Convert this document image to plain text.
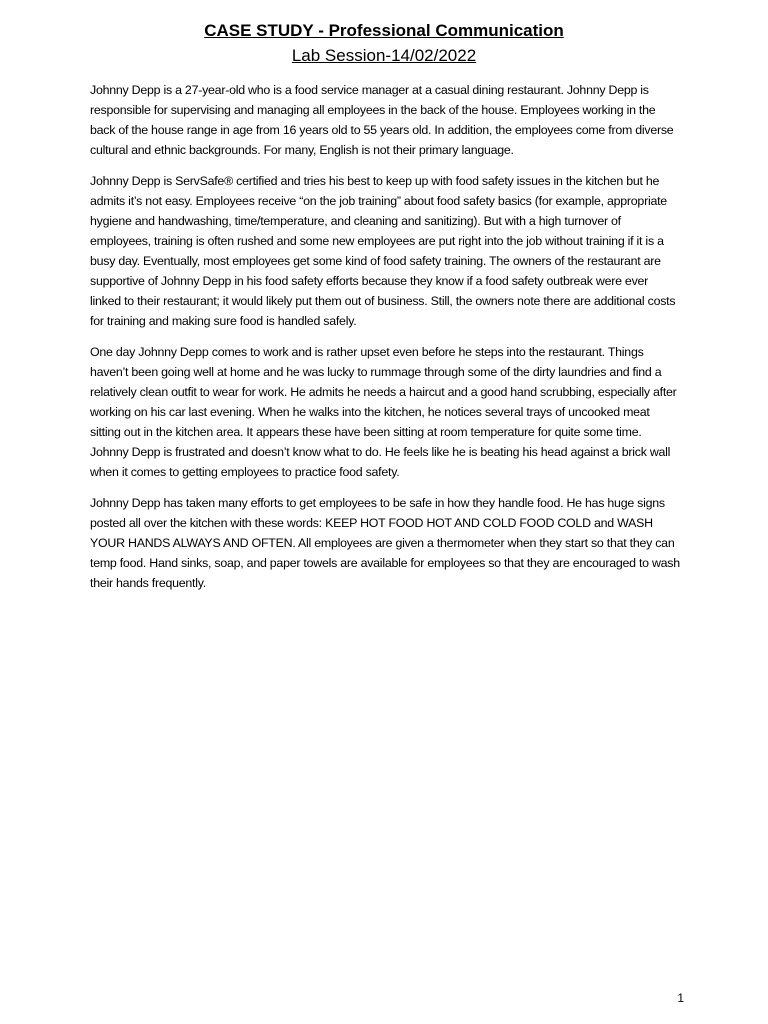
CASE STUDY - Professional Communication
Lab Session-14/02/2022

Johnny Depp is a 27-year-old who is a food service manager at a casual dining restaurant. Johnny Depp is responsible for supervising and managing all employees in the back of the house. Employees working in the back of the house range in age from 16 years old to 55 years old. In addition, the employees come from diverse cultural and ethnic backgrounds. For many, English is not their primary language.

Johnny Depp is ServSafe® certified and tries his best to keep up with food safety issues in the kitchen but he admits it’s not easy. Employees receive “on the job training” about food safety basics (for example, appropriate hygiene and handwashing, time/temperature, and cleaning and sanitizing). But with a high turnover of employees, training is often rushed and some new employees are put right into the job without training if it is a busy day. Eventually, most employees get some kind of food safety training. The owners of the restaurant are supportive of Johnny Depp in his food safety efforts because they know if a food safety outbreak were ever linked to their restaurant; it would likely put them out of business. Still, the owners note there are additional costs for training and making sure food is handled safely.

One day Johnny Depp comes to work and is rather upset even before he steps into the restaurant. Things haven’t been going well at home and he was lucky to rummage through some of the dirty laundries and find a relatively clean outfit to wear for work. He admits he needs a haircut and a good hand scrubbing, especially after working on his car last evening. When he walks into the kitchen, he notices several trays of uncooked meat sitting out in the kitchen area. It appears these have been sitting at room temperature for quite some time. Johnny Depp is frustrated and doesn’t know what to do. He feels like he is beating his head against a brick wall when it comes to getting employees to practice food safety.

Johnny Depp has taken many efforts to get employees to be safe in how they handle food. He has huge signs posted all over the kitchen with these words: KEEP HOT FOOD HOT AND COLD FOOD COLD and WASH YOUR HANDS ALWAYS AND OFTEN. All employees are given a thermometer when they start so that they can temp food. Hand sinks, soap, and paper towels are available for employees so that they are encouraged to wash their hands frequently.

1
